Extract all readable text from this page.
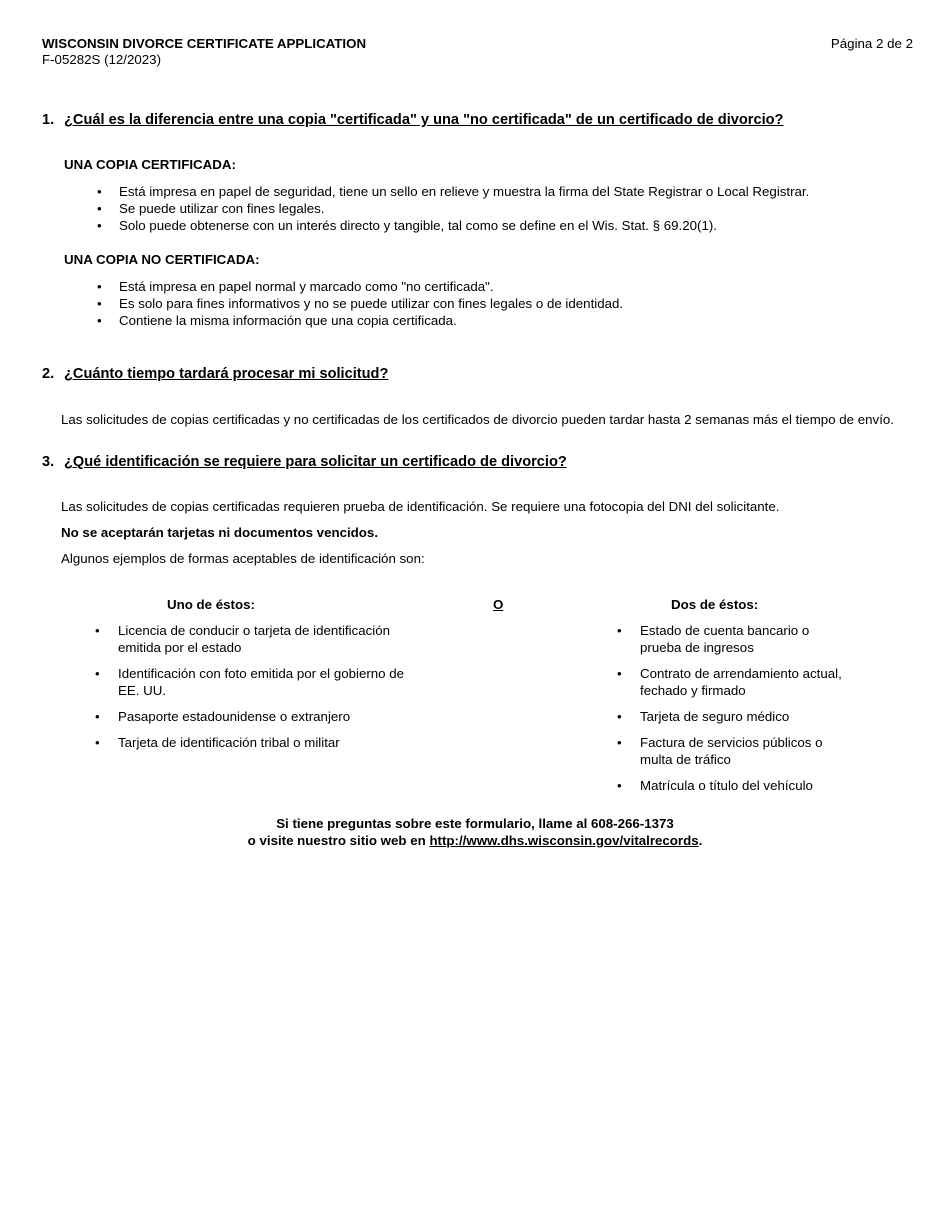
WISCONSIN DIVORCE CERTIFICATE APPLICATION
F-05282S (12/2023)
Página 2 de 2
1. ¿Cuál es la diferencia entre una copia "certificada" y una "no certificada" de un certificado de divorcio?
UNA COPIA CERTIFICADA:
• Está impresa en papel de seguridad, tiene un sello en relieve y muestra la firma del State Registrar o Local Registrar.
• Se puede utilizar con fines legales.
• Solo puede obtenerse con un interés directo y tangible, tal como se define en el Wis. Stat. § 69.20(1).
UNA COPIA NO CERTIFICADA:
• Está impresa en papel normal y marcado como "no certificada".
• Es solo para fines informativos y no se puede utilizar con fines legales o de identidad.
• Contiene la misma información que una copia certificada.
2. ¿Cuánto tiempo tardará procesar mi solicitud?
Las solicitudes de copias certificadas y no certificadas de los certificados de divorcio pueden tardar hasta 2 semanas más el tiempo de envío.
3. ¿Qué identificación se requiere para solicitar un certificado de divorcio?
Las solicitudes de copias certificadas requieren prueba de identificación. Se requiere una fotocopia del DNI del solicitante.
No se aceptarán tarjetas ni documentos vencidos.
Algunos ejemplos de formas aceptables de identificación son:
Uno de éstos:
• Licencia de conducir o tarjeta de identificación emitida por el estado
• Identificación con foto emitida por el gobierno de EE. UU.
• Pasaporte estadounidense o extranjero
• Tarjeta de identificación tribal o militar
O	Dos de éstos:
• Estado de cuenta bancario o prueba de ingresos
• Contrato de arrendamiento actual, fechado y firmado
• Tarjeta de seguro médico
• Factura de servicios públicos o multa de tráfico
• Matrícula o título del vehículo
Si tiene preguntas sobre este formulario, llame al 608-266-1373
o visite nuestro sitio web en http://www.dhs.wisconsin.gov/vitalrecords.
